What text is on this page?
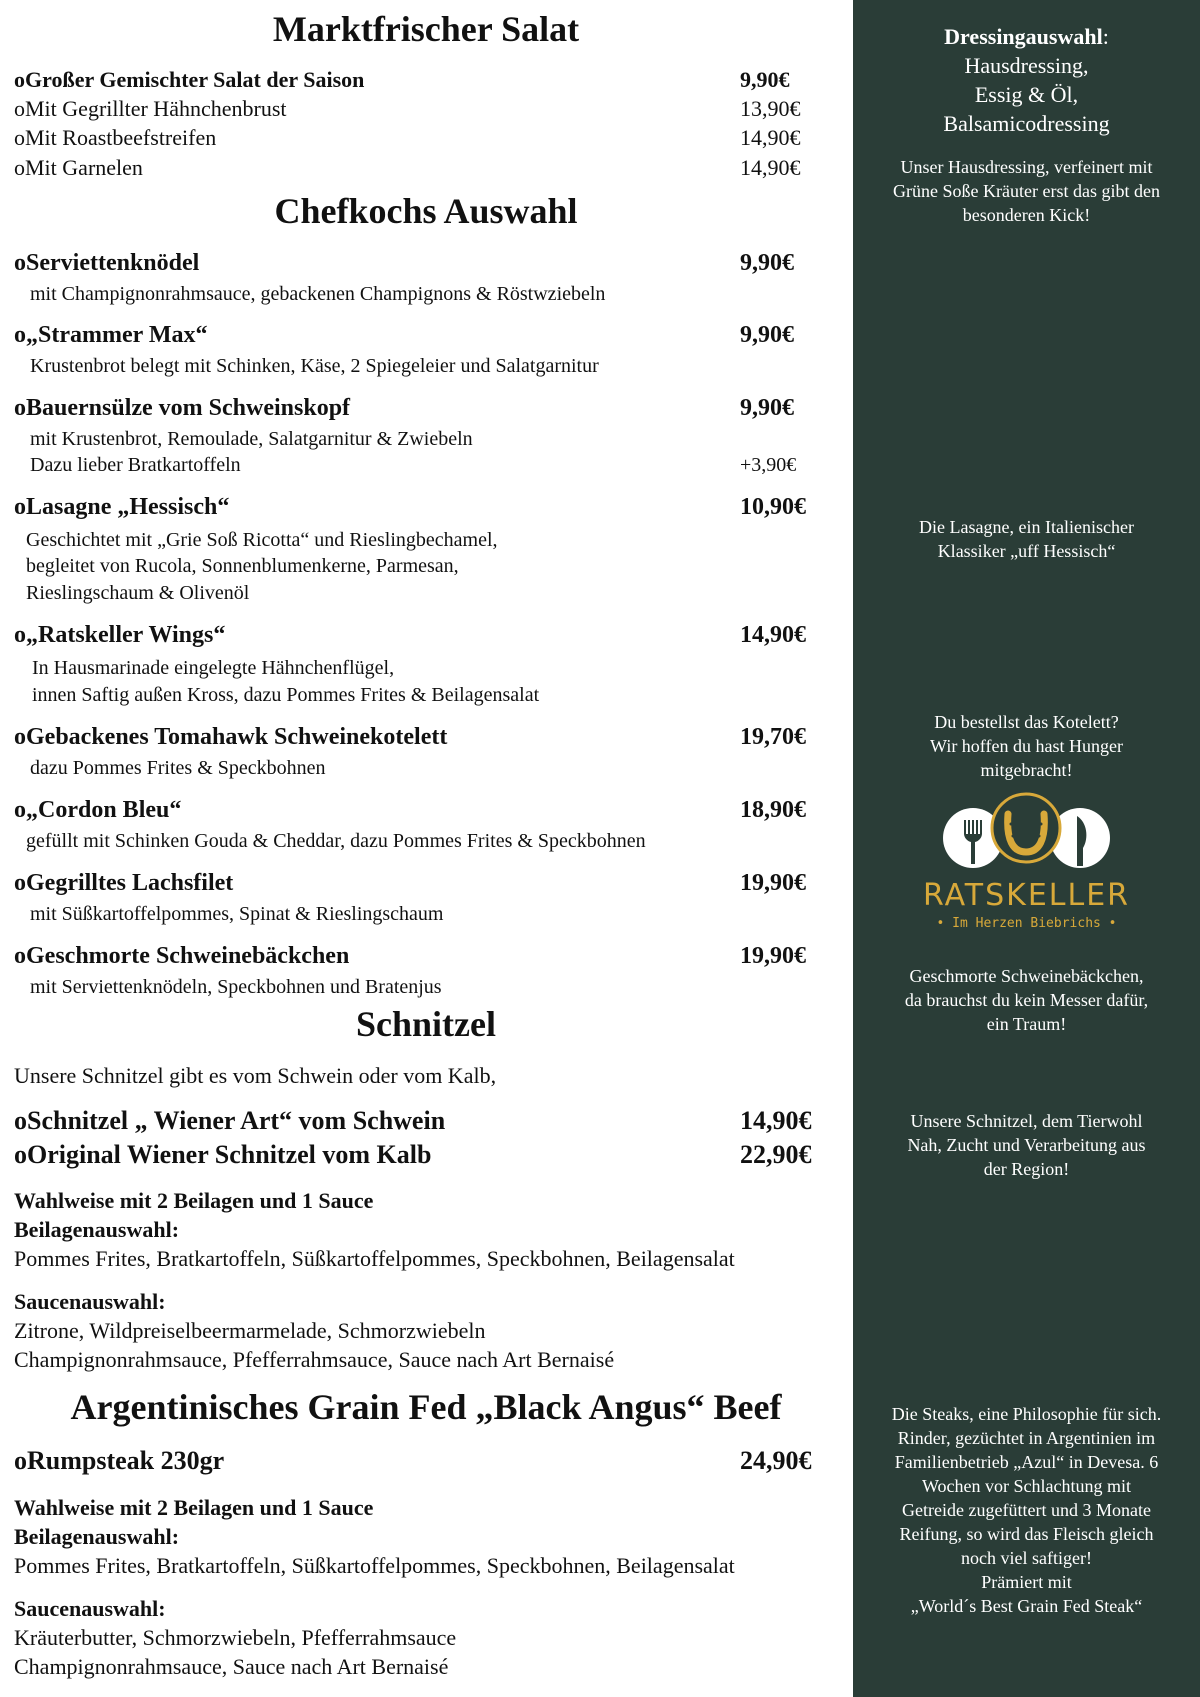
Marktfrischer Salat
oGroßer Gemischter Salat der Saison	9,90€
oMit Gegrillter Hähnchenbrust	13,90€
oMit Roastbeefstreifen	14,90€
oMit Garnelen	14,90€
Chefkochs Auswahl
oServiettenknödel	9,90€
mit Champignonrahmsauce, gebackenen Champignons & Röstwziebeln
o„Strammer Max“	9,90€
Krustenbrot belegt mit Schinken, Käse, 2 Spiegeleier und Salatgarnitur
oBauernsülze vom Schweinskopf	9,90€
mit Krustenbrot, Remoulade, Salatgarnitur & Zwiebeln
Dazu lieber Bratkartoffeln	+3,90€
oLasagne „Hessisch“	10,90€
Geschichtet mit „Grie Soß Ricotta“ und Rieslingbechamel,
begleitet von Rucola, Sonnenblumenkerne, Parmesan,
Rieslingschaum & Olivenöl
o„Ratskeller Wings“	14,90€
In Hausmarinade eingelegte Hähnchenflügel,
innen Saftig außen Kross, dazu Pommes Frites & Beilagensalat
oGebackenes Tomahawk Schweinekotelett	19,70€
dazu Pommes Frites & Speckbohnen
o„Cordon Bleu“	18,90€
gefüllt mit Schinken Gouda & Cheddar, dazu Pommes Frites & Speckbohnen
oGegrilltes Lachsfilet	19,90€
mit Süßkartoffelpommes, Spinat & Rieslingschaum
oGeschmorte Schweinebäckchen	19,90€
mit Serviettenknödeln, Speckbohnen und Bratenjus
Schnitzel
Unsere Schnitzel gibt es vom Schwein oder vom Kalb,
oSchnitzel „ Wiener Art“ vom Schwein	14,90€
oOriginal Wiener Schnitzel vom Kalb	22,90€
Wahlweise mit 2 Beilagen und 1 Sauce
Beilagenauswahl:
Pommes Frites, Bratkartoffeln, Süßkartoffelpommes, Speckbohnen, Beilagensalat
Saucenauswahl:
Zitrone, Wildpreiselbeermarmelade, Schmorzwiebeln
Champignonrahmsauce, Pfefferrahmsauce, Sauce nach Art Bernaisé
Argentinisches Grain Fed „Black Angus“ Beef
oRumpsteak 230gr	24,90€
Wahlweise mit 2 Beilagen und 1 Sauce
Beilagenauswahl:
Pommes Frites, Bratkartoffeln, Süßkartoffelpommes, Speckbohnen, Beilagensalat
Saucenauswahl:
Kräuterbutter, Schmorzwiebeln, Pfefferrahmsauce
Champignonrahmsauce, Sauce nach Art Bernaisé
Dressingauswahl:
Hausdressing,
Essig & Öl,
Balsamicodressing
Unser Hausdressing, verfeinert mit
Grüne Soße Kräuter erst das gibt den
besonderen Kick!
Die Lasagne, ein Italienischer
Klassiker „uff Hessisch“
Du bestellst das Kotelett?
Wir hoffen du hast Hunger
mitgebracht!
RATSKELLER
• Im Herzen Biebrichs •
Geschmorte Schweinebäckchen,
da brauchst du kein Messer dafür,
ein Traum!
Unsere Schnitzel, dem Tierwohl
Nah, Zucht und Verarbeitung aus
der Region!
Die Steaks, eine Philosophie für sich.
Rinder, gezüchtet in Argentinien im
Familienbetrieb „Azul“ in Devesa. 6
Wochen vor Schlachtung mit
Getreide zugefüttert und 3 Monate
Reifung, so wird das Fleisch gleich
noch viel saftiger!
Prämiert mit
„World´s Best Grain Fed Steak“
